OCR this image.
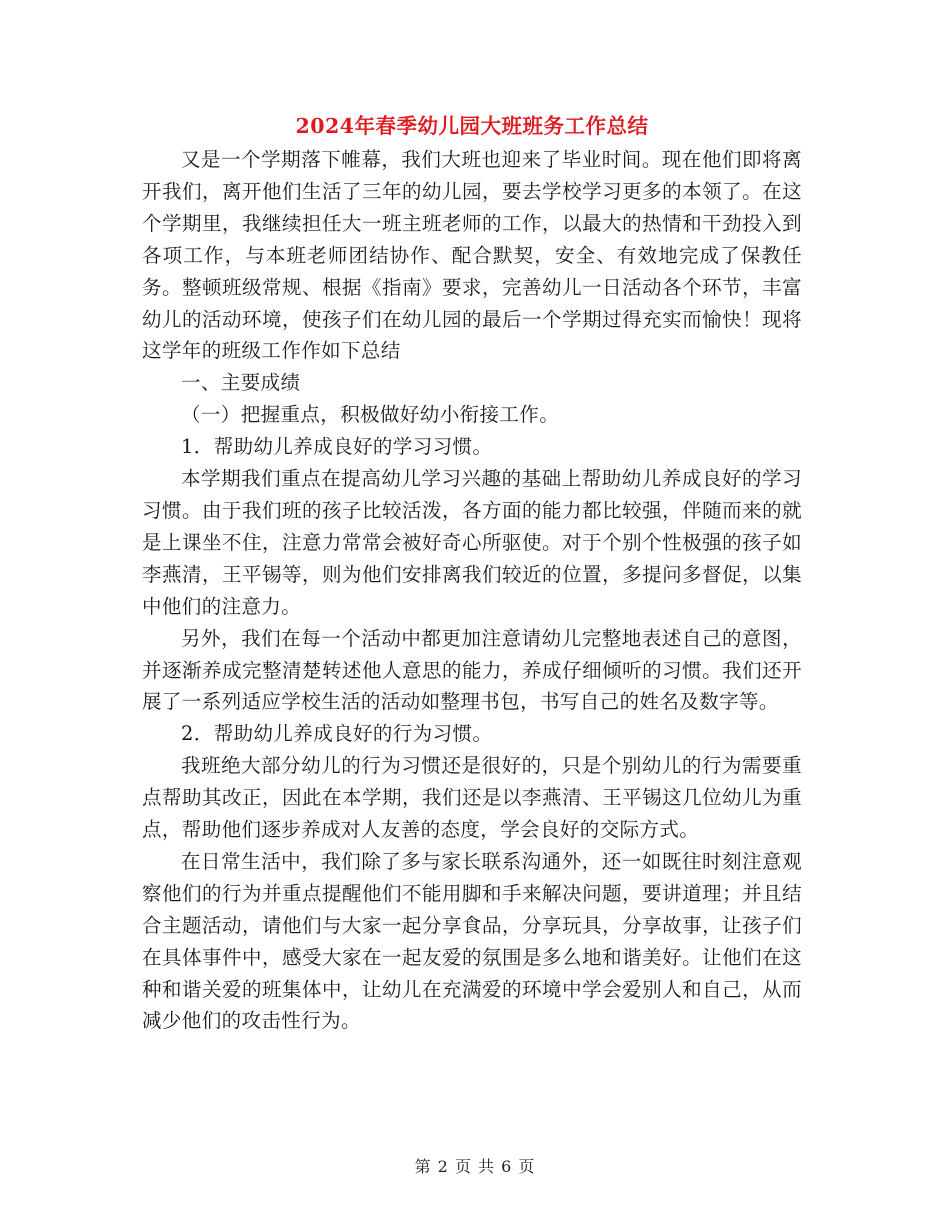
2024年春季幼儿园大班班务工作总结

又是一个学期落下帷幕，我们大班也迎来了毕业时间。现在他们即将离开我们，离开他们生活了三年的幼儿园，要去学校学习更多的本领了。在这个学期里，我继续担任大一班主班老师的工作，以最大的热情和干劲投入到各项工作，与本班老师团结协作、配合默契，安全、有效地完成了保教任务。整顿班级常规、根据《指南》要求，完善幼儿一日活动各个环节，丰富幼儿的活动环境，使孩子们在幼儿园的最后一个学期过得充实而愉快！现将这学年的班级工作作如下总结

一、主要成绩

（一）把握重点，积极做好幼小衔接工作。

1．帮助幼儿养成良好的学习习惯。

本学期我们重点在提高幼儿学习兴趣的基础上帮助幼儿养成良好的学习习惯。由于我们班的孩子比较活泼，各方面的能力都比较强，伴随而来的就是上课坐不住，注意力常常会被好奇心所驱使。对于个别个性极强的孩子如李燕清，王平锡等，则为他们安排离我们较近的位置，多提问多督促，以集中他们的注意力。

另外，我们在每一个活动中都更加注意请幼儿完整地表述自己的意图，并逐渐养成完整清楚转述他人意思的能力，养成仔细倾听的习惯。我们还开展了一系列适应学校生活的活动如整理书包，书写自己的姓名及数字等。

2．帮助幼儿养成良好的行为习惯。

我班绝大部分幼儿的行为习惯还是很好的，只是个别幼儿的行为需要重点帮助其改正，因此在本学期，我们还是以李燕清、王平锡这几位幼儿为重点，帮助他们逐步养成对人友善的态度，学会良好的交际方式。

在日常生活中，我们除了多与家长联系沟通外，还一如既往时刻注意观察他们的行为并重点提醒他们不能用脚和手来解决问题，要讲道理；并且结合主题活动，请他们与大家一起分享食品，分享玩具，分享故事，让孩子们在具体事件中，感受大家在一起友爱的氛围是多么地和谐美好。让他们在这种和谐关爱的班集体中，让幼儿在充满爱的环境中学会爱别人和自己，从而减少他们的攻击性行为。

第 2 页 共 6 页
